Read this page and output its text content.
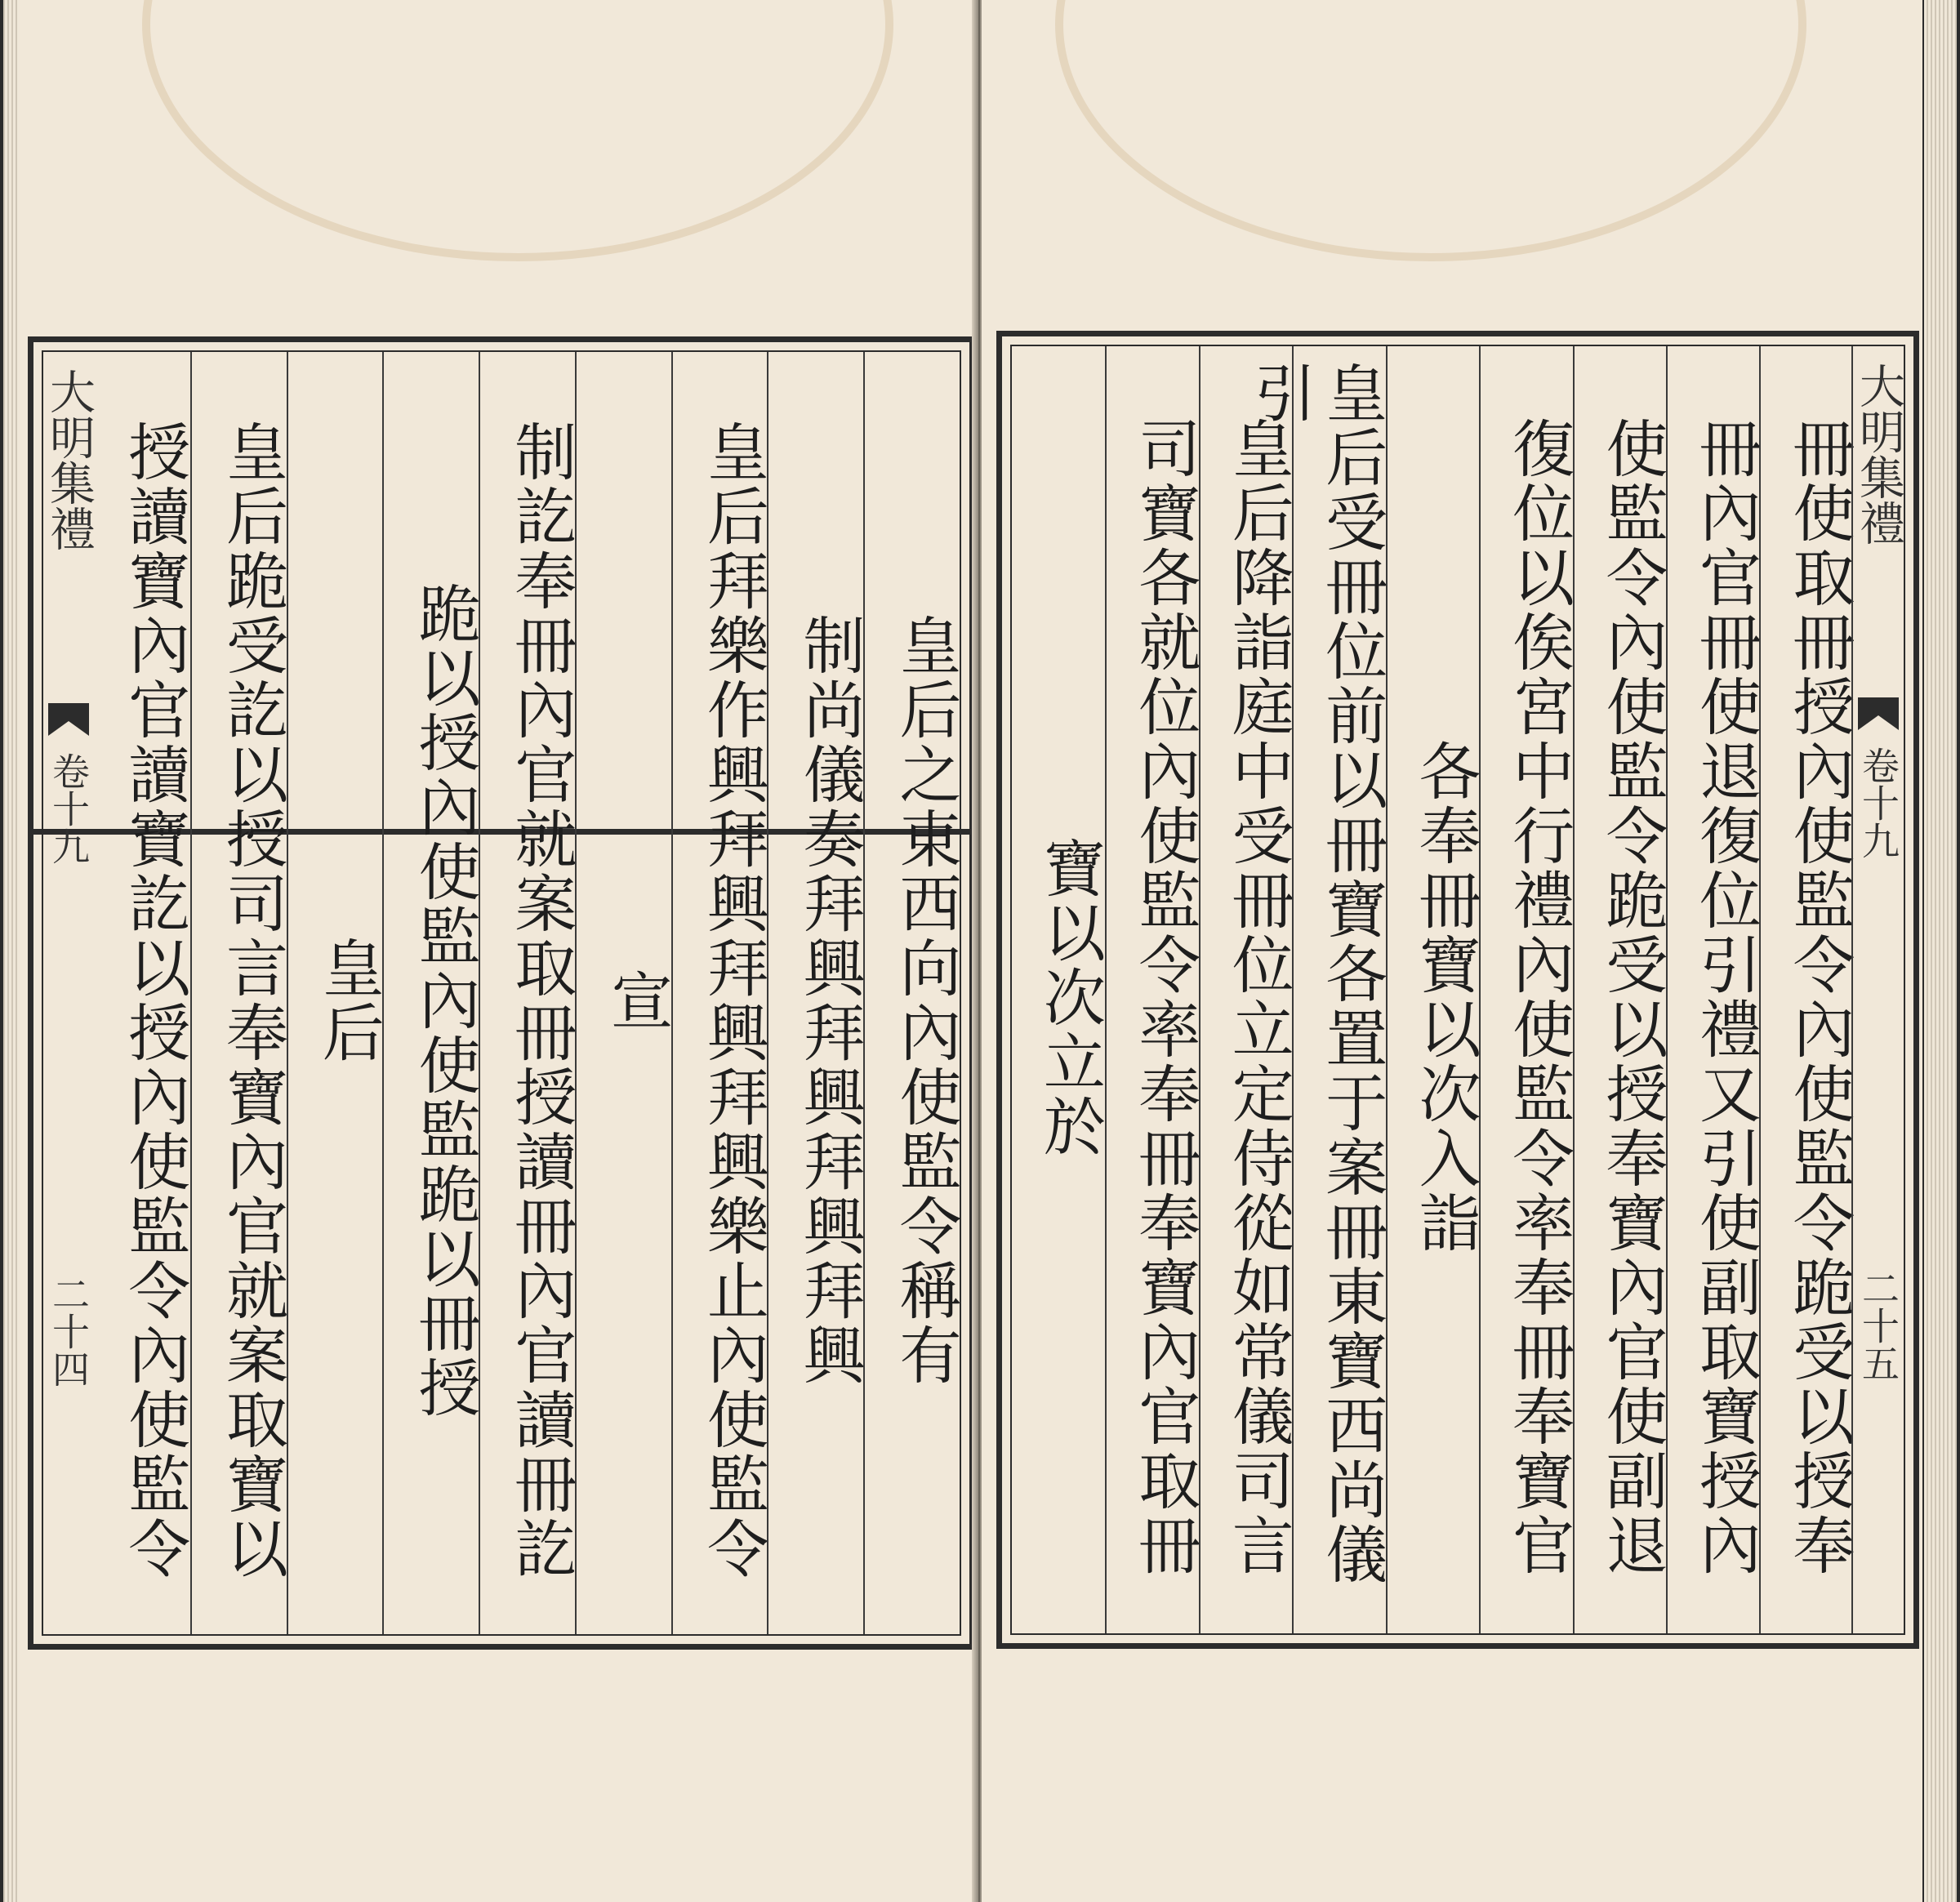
大明集禮
卷十九
二十四 授讀寶內官讀寶訖以授內使監令內使監令 皇后跪受訖以授司言奉寶內官就案取寶以 皇后 跪以授內使監內使監跪以冊授 制訖奉冊內官就案取冊授讀冊內官讀冊訖 宣 皇后拜樂作興拜興拜興拜興樂止內使監令 制尚儀奏拜興拜興拜興拜興 皇后之東西向內使監令稱有	寶以次立於 司寶各就位內使監令率奉冊奉寶內官取冊 皇后降詣庭中受冊位立定侍從如常儀司言 皇后受冊位前以冊寶各置于案冊東寶西尚儀引
各奉冊寶以次入詣 復位以俟宮中行禮內使監令率奉冊奉寶官 使監令內使監令跪受以授奉寶內官使副退 冊內官冊使退復位引禮又引使副取寶授內 冊使取冊授內使監令內使監令跪受以授奉
大明集禮
卷十九
二十五
